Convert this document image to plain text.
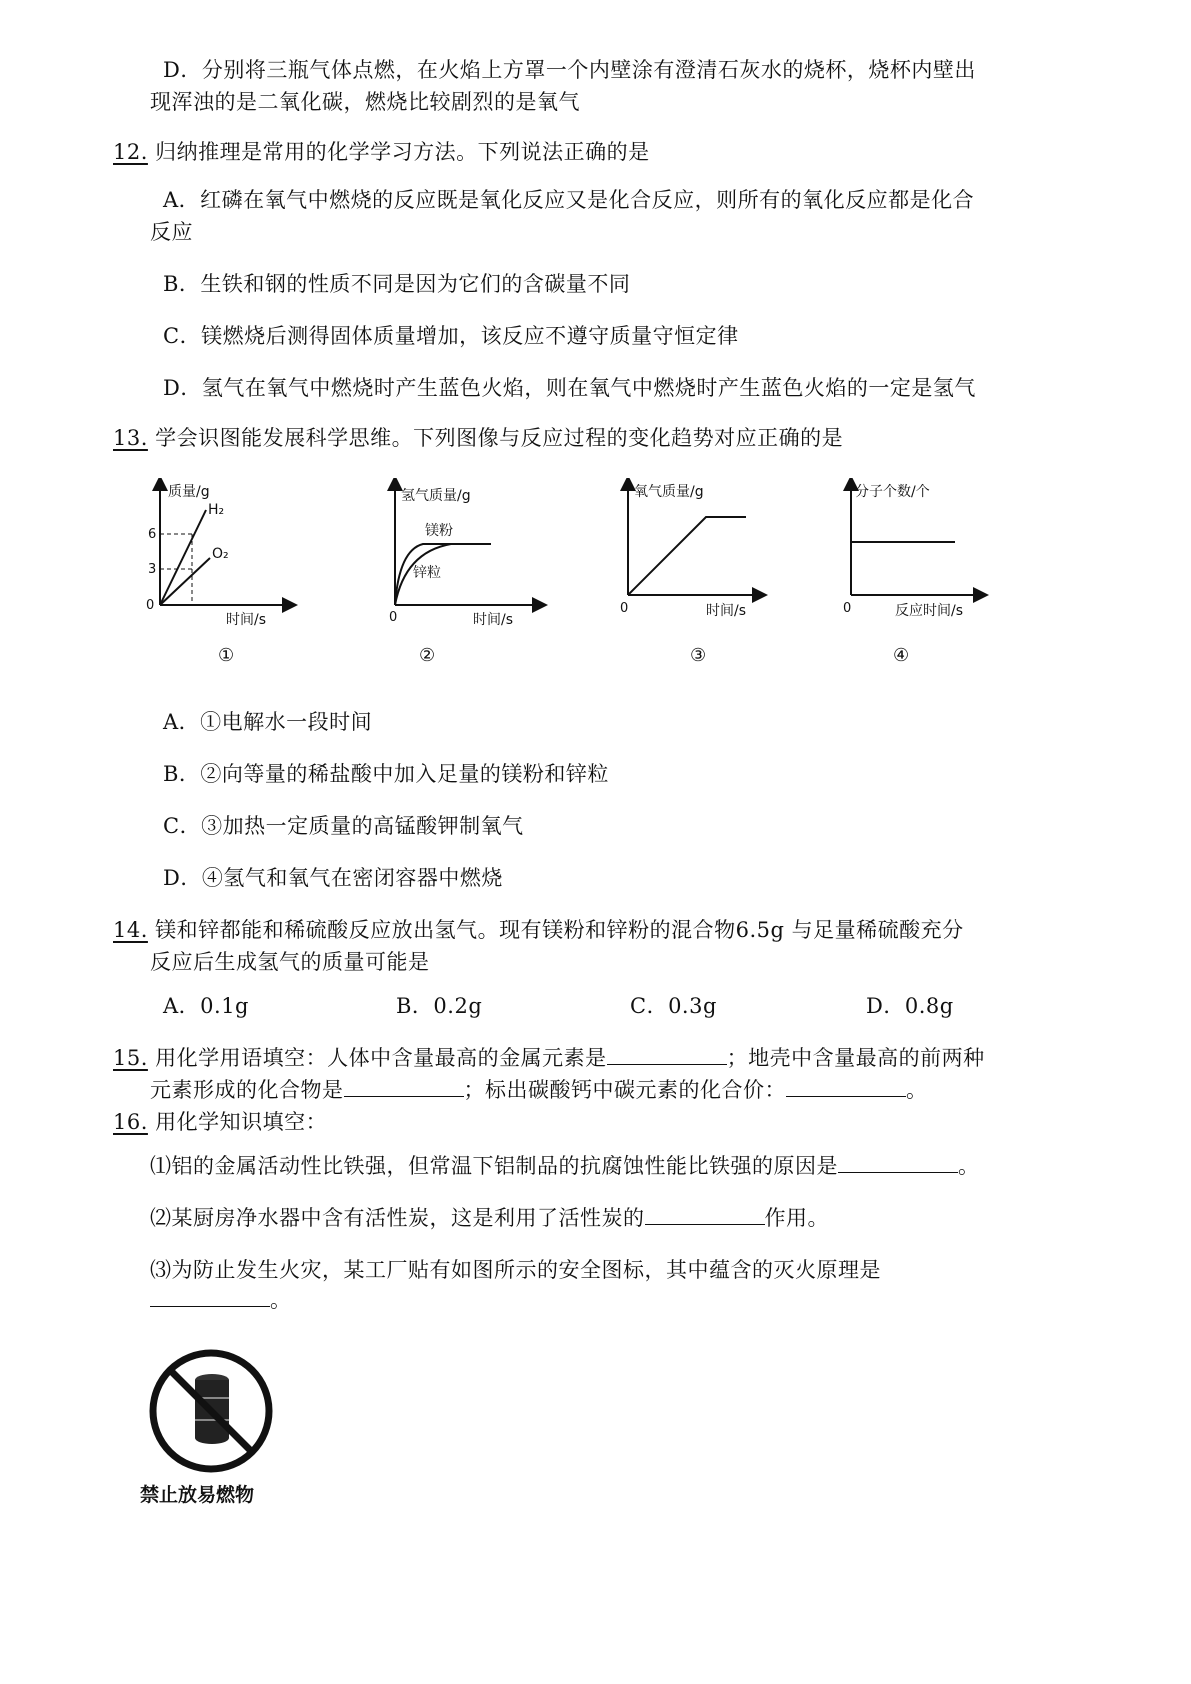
D．分别将三瓶气体点燃，在火焰上方罩一个内壁涂有澄清石灰水的烧杯，烧杯内壁出
现浑浊的是二氧化碳，燃烧比较剧烈的是氧气
12. 归纳推理是常用的化学学习方法。下列说法正确的是
A．红磷在氧气中燃烧的反应既是氧化反应又是化合反应，则所有的氧化反应都是化合
反应
B．生铁和钢的性质不同是因为它们的含碳量不同
C．镁燃烧后测得固体质量增加，该反应不遵守质量守恒定律
D．氢气在氧气中燃烧时产生蓝色火焰，则在氧气中燃烧时产生蓝色火焰的一定是氢气
13. 学会识图能发展科学思维。下列图像与反应过程的变化趋势对应正确的是
质量/g
时间/s
0
6
3
H₂
O₂
①
氢气质量/g
时间/s
0
镁粉
锌粒
②
氧气质量/g
时间/s
0
③
分子个数/个
反应时间/s
0
④
A．①电解水一段时间
B．②向等量的稀盐酸中加入足量的镁粉和锌粒
C．③加热一定质量的高锰酸钾制氧气
D．④氢气和氧气在密闭容器中燃烧
14. 镁和锌都能和稀硫酸反应放出氢气。现有镁粉和锌粉的混合物6.5g 与足量稀硫酸充分
反应后生成氢气的质量可能是
A．0.1g	B．0.2g	C．0.3g	D．0.8g
15. 用化学用语填空：人体中含量最高的金属元素是	；地壳中含量最高的前两种
元素形成的化合物是	；标出碳酸钙中碳元素的化合价：	。
16. 用化学知识填空：
⑴铝的金属活动性比铁强，但常温下铝制品的抗腐蚀性能比铁强的原因是	。
⑵某厨房净水器中含有活性炭，这是利用了活性炭的	作用。
⑶为防止发生火灾，某工厂贴有如图所示的安全图标，其中蕴含的灭火原理是
。
禁止放易燃物
